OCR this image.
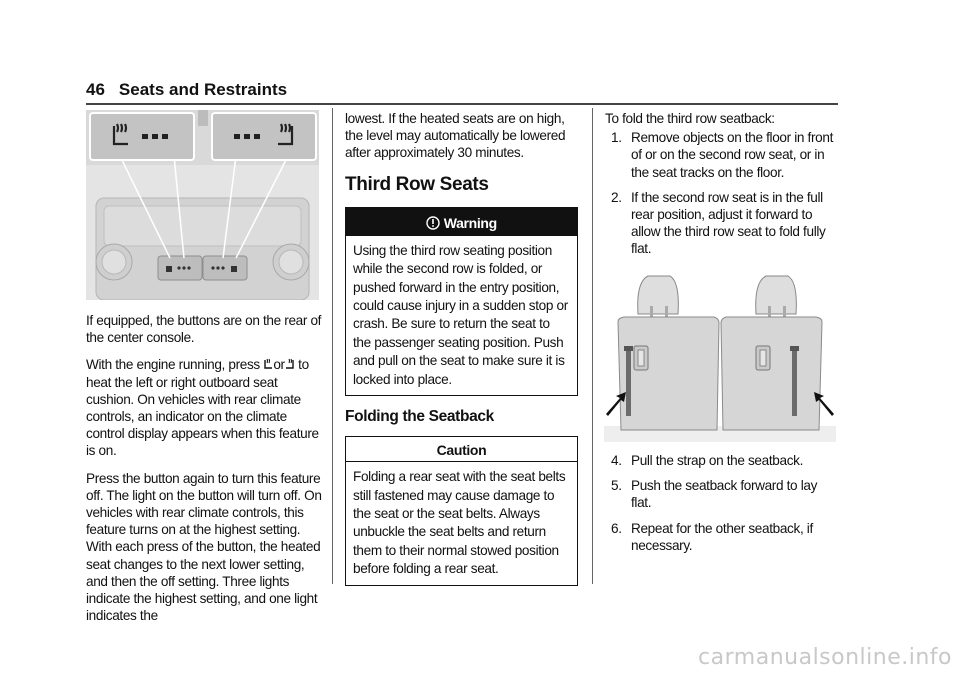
46 Seats and Restraints

If equipped, the buttons are on the rear of the center console.

With the engine running, press or to heat the left or right outboard seat cushion. On vehicles with rear climate controls, an indicator on the climate control display appears when this feature is on.

Press the button again to turn this feature off. The light on the button will turn off. On vehicles with rear climate controls, this feature turns on at the highest setting. With each press of the button, the heated seat changes to the next lower setting, and then the off setting. Three lights indicate the highest setting, and one light indicates the

lowest. If the heated seats are on high, the level may automatically be lowered after approximately 30 minutes.

Third Row Seats
Warning
Using the third row seating position while the second row is folded, or pushed forward in the entry position, could cause injury in a sudden stop or crash. Be sure to return the seat to the passenger seating position. Push and pull on the seat to make sure it is locked into place.
Folding the Seatback
Caution
Folding a rear seat with the seat belts still fastened may cause damage to the seat or the seat belts. Always unbuckle the seat belts and return them to their normal stowed position before folding a rear seat.

To fold the third row seatback:

1. Remove objects on the floor in front of or on the second row seat, or in the seat tracks on the floor.
2. If the second row seat is in the full rear position, adjust it forward to allow the third row seat to fold fully flat.
4. Pull the strap on the seatback.
5. Push the seatback forward to lay flat.
6. Repeat for the other seatback, if necessary.
carmanualsonline.info
